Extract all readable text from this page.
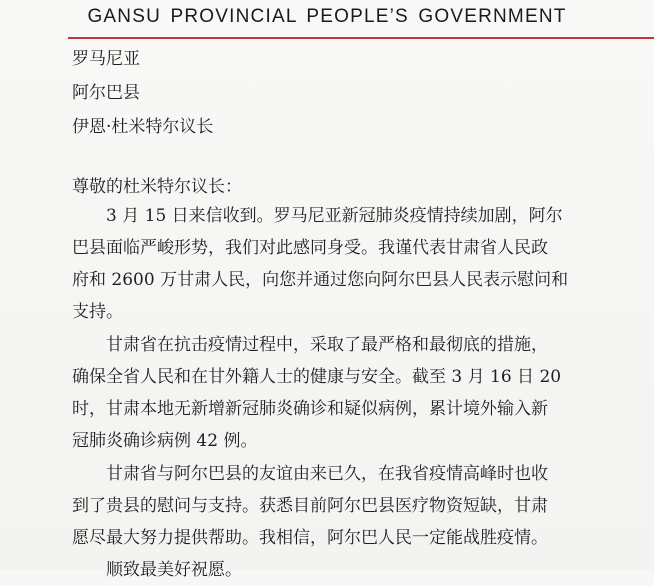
GANSU PROVINCIAL PEOPLE’S GOVERNMENT
罗马尼亚
阿尔巴县
伊恩·杜米特尔议长
尊敬的杜米特尔议长：
3 月 15 日来信收到。罗马尼亚新冠肺炎疫情持续加剧，阿尔
巴县面临严峻形势，我们对此感同身受。我谨代表甘肃省人民政
府和 2600 万甘肃人民，向您并通过您向阿尔巴县人民表示慰问和
支持。
甘肃省在抗击疫情过程中，采取了最严格和最彻底的措施，
确保全省人民和在甘外籍人士的健康与安全。截至 3 月 16 日 20
时，甘肃本地无新增新冠肺炎确诊和疑似病例，累计境外输入新
冠肺炎确诊病例 42 例。
甘肃省与阿尔巴县的友谊由来已久，在我省疫情高峰时也收
到了贵县的慰问与支持。获悉目前阿尔巴县医疗物资短缺，甘肃
愿尽最大努力提供帮助。我相信，阿尔巴人民一定能战胜疫情。
顺致最美好祝愿。
